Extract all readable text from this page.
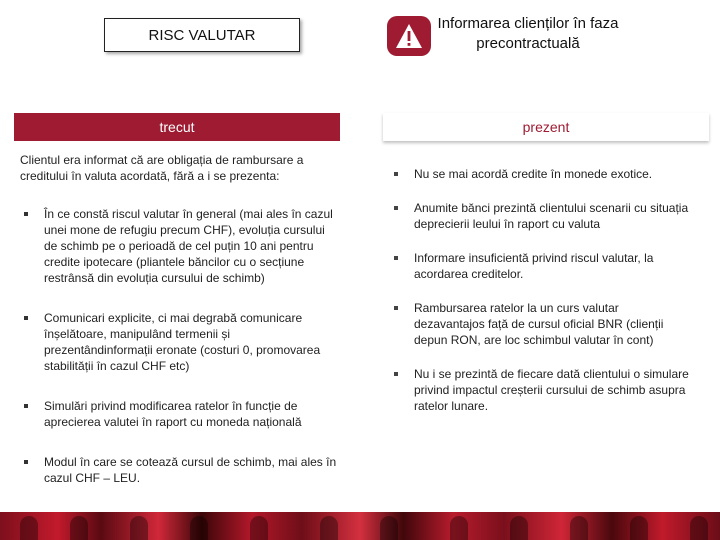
RISC VALUTAR
Informarea clienților în faza precontractuală
trecut	prezent

Clientul era informat că are obligația de rambursare a creditului în valuta acordată, fără a i se prezenta:

În ce constă riscul valutar în general (mai ales în cazul unei mone de refugiu precum CHF), evoluția cursului de schimb pe o perioadă de cel puțin 10 ani pentru credite ipotecare (pliantele băncilor cu o secțiune restrânsă din evoluția cursului de schimb)
Comunicari explicite, ci mai degrabă comunicare înșelătoare, manipulând termenii și prezentândinformații eronate (costuri 0, promovarea stabilității în cazul CHF etc)
Simulări privind modificarea ratelor în funcție de aprecierea valutei în raport cu moneda națională
Modul în care se cotează cursul de schimb, mai ales în cazul CHF – LEU.
Nu se mai acordă credite în monede exotice.
Anumite bănci prezintă clientului scenarii cu situația deprecierii leului în raport cu valuta
Informare insuficientă privind riscul valutar, la acordarea creditelor.
Rambursarea ratelor la un curs valutar dezavantajos față de cursul oficial BNR (clienții depun RON, are loc schimbul valutar în cont)
Nu i se prezintă de fiecare dată clientului o simulare privind impactul creșterii cursului de schimb asupra ratelor lunare.
